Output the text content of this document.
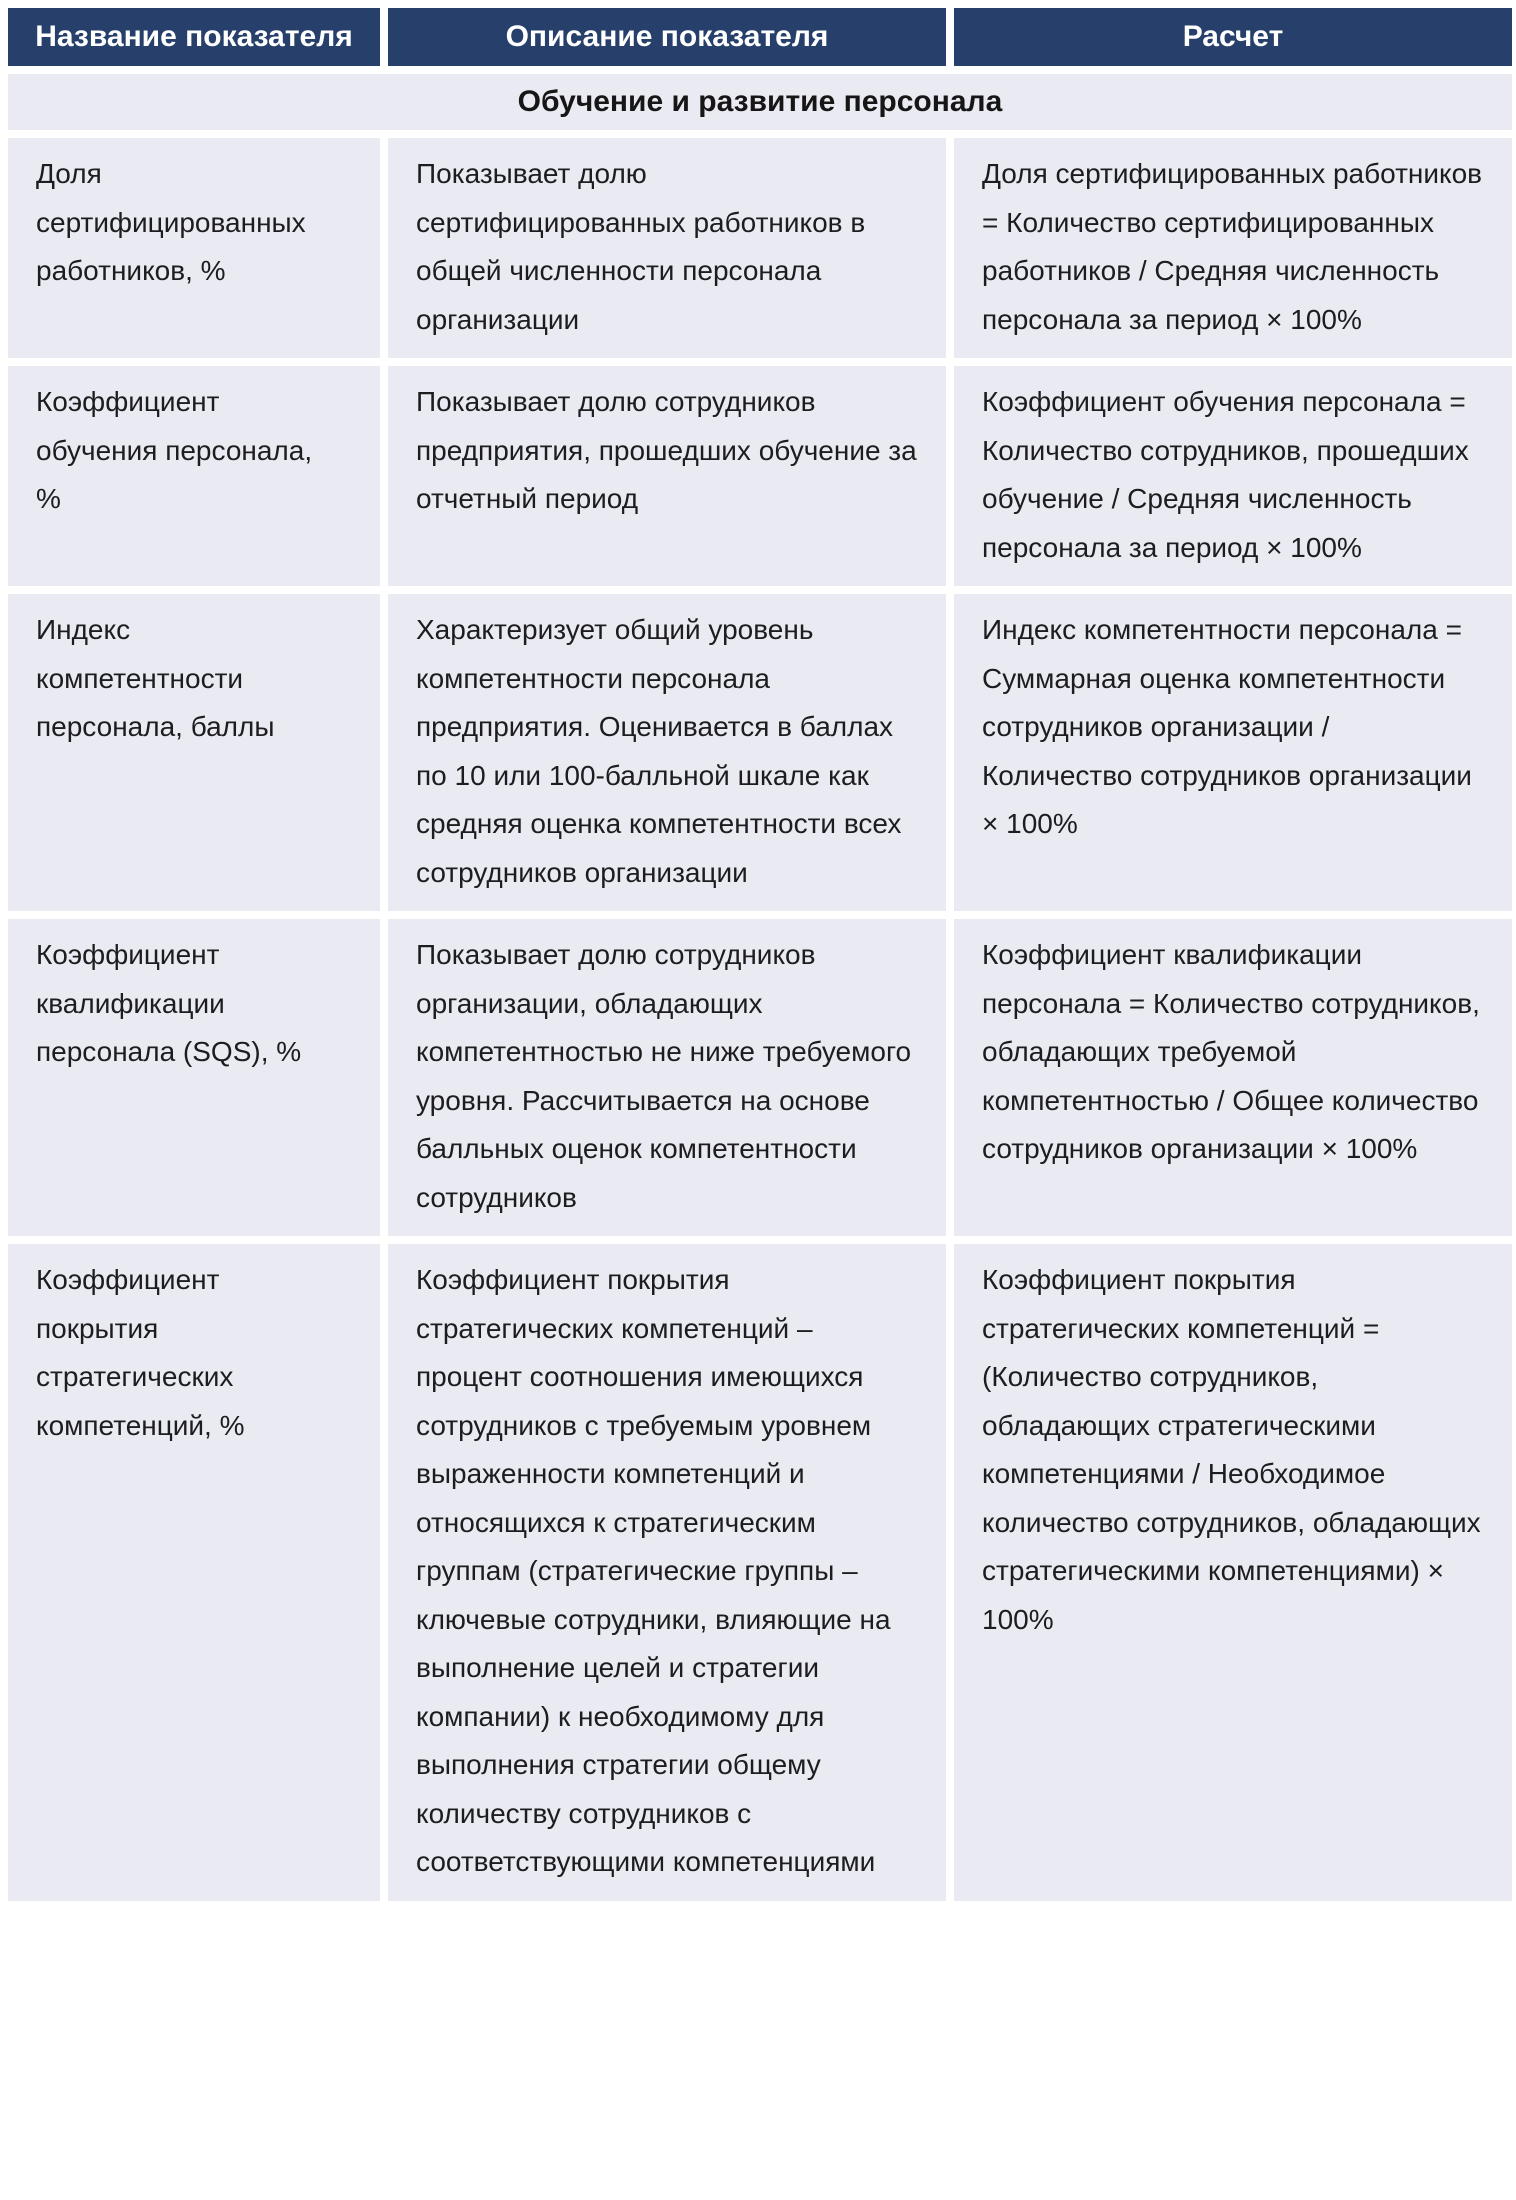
Название показателя	Описание показателя	Расчет
Обучение и развитие персонала		
Доля сертифицированных работников, %	Показывает долю сертифицированных работников в общей численности персонала организации	Доля сертифицированных работников = Количество сертифицированных работников / Средняя численность персонала за период × 100%
Коэффициент обучения персонала, %	Показывает долю сотрудников предприятия, прошедших обучение за отчетный период	Коэффициент обучения персонала = Количество сотрудников, прошедших обучение / Средняя численность персонала за период × 100%
Индекс компетентности персонала, баллы	Характеризует общий уровень компетентности персонала предприятия. Оценивается в баллах по 10 или 100-балльной шкале как средняя оценка компетентности всех сотрудников организации	Индекс компетентности персонала = Суммарная оценка компетентности сотрудников организации / Количество сотрудников организации × 100%
Коэффициент квалификации персонала (SQS), %	Показывает долю сотрудников организации, обладающих компетентностью не ниже требуемого уровня. Рассчитывается на основе балльных оценок компетентности сотрудников	Коэффициент квалификации персонала = Количество сотрудников, обладающих требуемой компетентностью / Общее количество сотрудников организации × 100%
Коэффициент покрытия стратегических компетенций, %	Коэффициент покрытия стратегических компетенций – процент соотношения имеющихся сотрудников с требуемым уровнем выраженности компетенций и относящихся к стратегическим группам (стратегические группы – ключевые сотрудники, влияющие на выполнение целей и стратегии компании) к необходимому для выполнения стратегии общему количеству сотрудников с соответствующими компетенциями	Коэффициент покрытия стратегических компетенций = (Количество сотрудников, обладающих стратегическими компетенциями / Необходимое количество сотрудников, обладающих стратегическими компетенциями) × 100%
